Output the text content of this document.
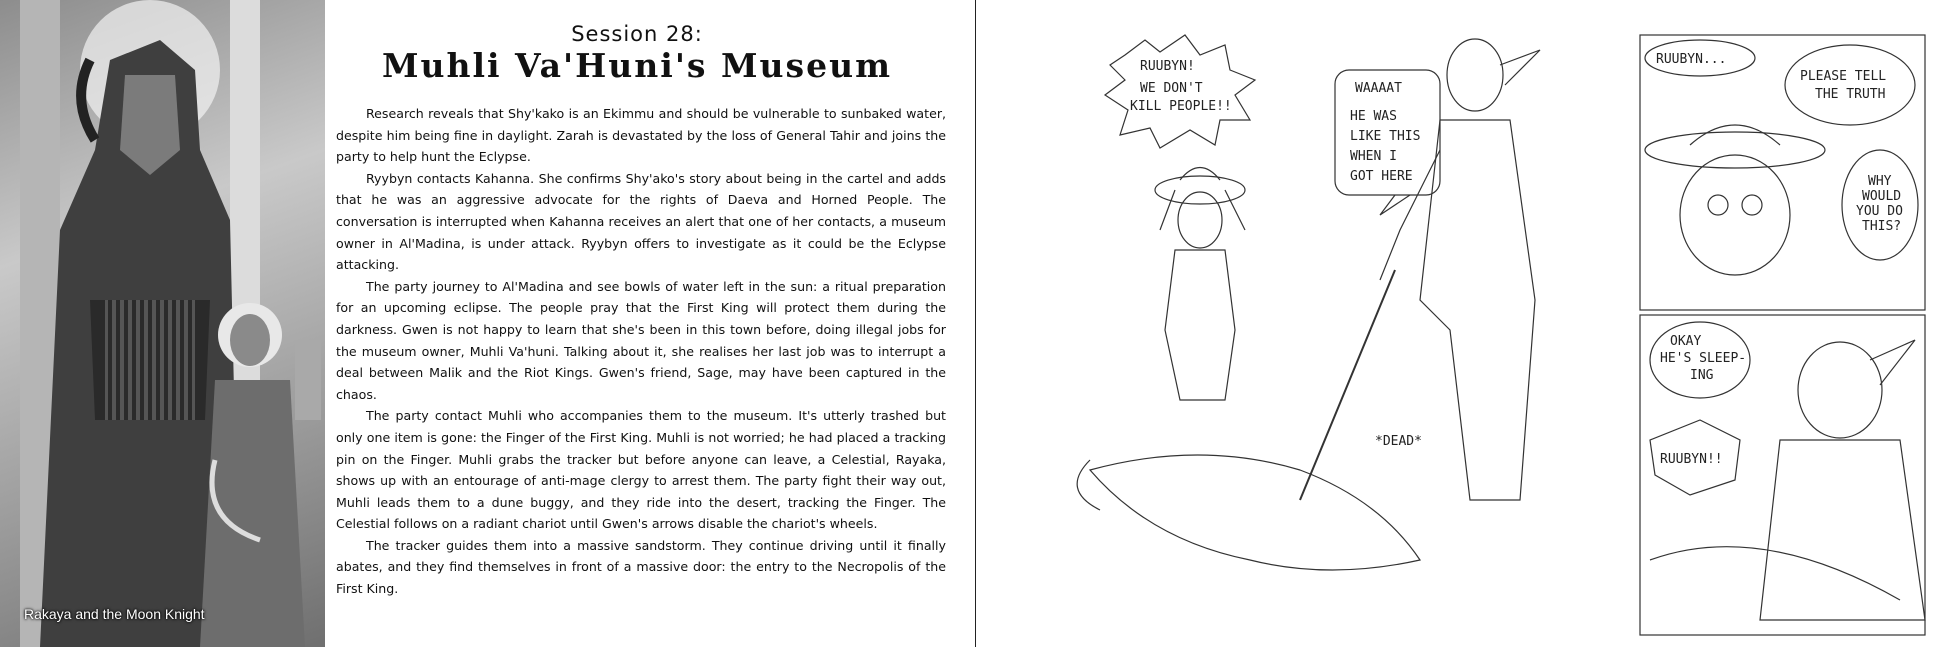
Rakaya and the Moon Knight
Session 28:
Muhli Va'Huni's Museum

Research reveals that Shy'kako is an Ekimmu and should be vulnerable to sunbaked water, despite him being fine in daylight. Zarah is devastated by the loss of General Tahir and joins the party to help hunt the Eclypse.

Ryybyn contacts Kahanna. She confirms Shy'ako's story about being in the cartel and adds that he was an aggressive advocate for the rights of Daeva and Horned People. The conversation is interrupted when Kahanna receives an alert that one of her contacts, a museum owner in Al'Madina, is under attack. Ryybyn offers to investigate as it could be the Eclypse attacking.

The party journey to Al'Madina and see bowls of water left in the sun: a ritual preparation for an upcoming eclipse. The people pray that the First King will protect them during the darkness. Gwen is not happy to learn that she's been in this town before, doing illegal jobs for the museum owner, Muhli Va'huni. Talking about it, she realises her last job was to interrupt a deal between Malik and the Riot Kings. Gwen's friend, Sage, may have been captured in the chaos.

The party contact Muhli who accompanies them to the museum. It's utterly trashed but only one item is gone: the Finger of the First King. Muhli is not worried; he had placed a tracking pin on the Finger. Muhli grabs the tracker but before anyone can leave, a Celestial, Rayaka, shows up with an entourage of anti-mage clergy to arrest them. The party fight their way out, Muhli leads them to a dune buggy, and they ride into the desert, tracking the Finger. The Celestial follows on a radiant chariot until Gwen's arrows disable the chariot's wheels.

The tracker guides them into a massive sandstorm. They continue driving until it finally abates, and they find themselves in front of a massive door: the entry to the Necropolis of the First King.

RUUBYN!
WE DON'T
KILL PEOPLE!!
WAAAAT
HE WAS
LIKE THIS
WHEN I
GOT HERE
*DEAD*
RUUBYN...
PLEASE TELL
THE TRUTH
WHY
WOULD
YOU DO
THIS?
OKAY
HE'S SLEEP-
ING
RUUBYN!!
